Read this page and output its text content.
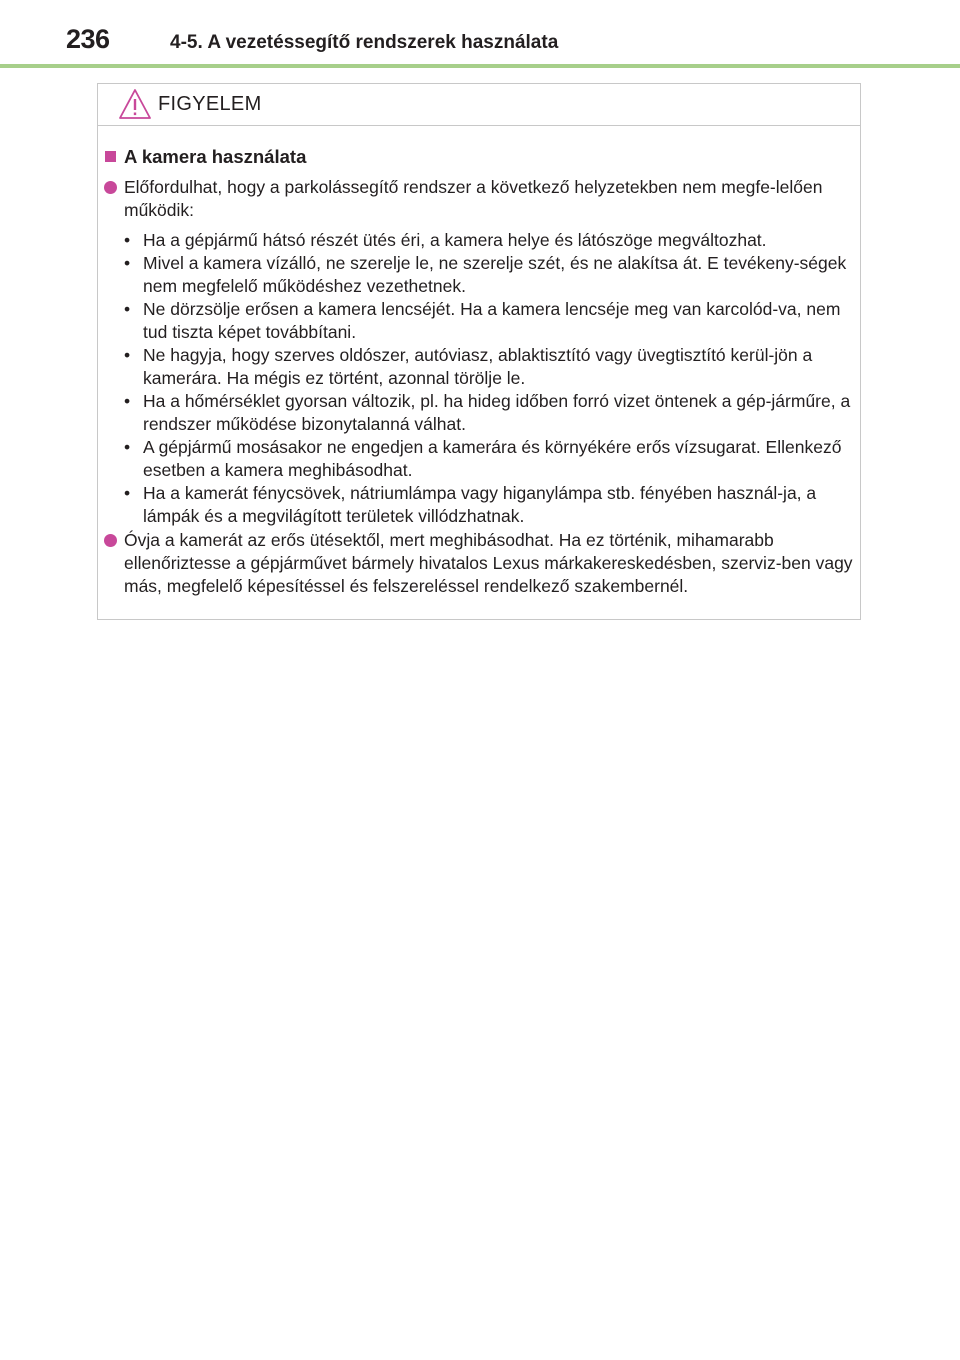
236	4-5. A vezetéssegítő rendszerek használata
FIGYELEM
A kamera használata
Előfordulhat, hogy a parkolássegítő rendszer a következő helyzetekben nem megfe-lelően működik:
• Ha a gépjármű hátsó részét ütés éri, a kamera helye és látószöge megváltozhat.
• Mivel a kamera vízálló, ne szerelje le, ne szerelje szét, és ne alakítsa át. E tevékeny-ségek nem megfelelő működéshez vezethetnek.
• Ne dörzsölje erősen a kamera lencséjét. Ha a kamera lencséje meg van karcolód-va, nem tud tiszta képet továbbítani.
• Ne hagyja, hogy szerves oldószer, autóviasz, ablaktisztító vagy üvegtisztító kerül-jön a kamerára. Ha mégis ez történt, azonnal törölje le.
• Ha a hőmérséklet gyorsan változik, pl. ha hideg időben forró vizet öntenek a gép-járműre, a rendszer működése bizonytalanná válhat.
• A gépjármű mosásakor ne engedjen a kamerára és környékére erős vízsugarat. Ellenkező esetben a kamera meghibásodhat.
• Ha a kamerát fénycsövek, nátriumlámpa vagy higanylámpa stb. fényében használ-ja, a lámpák és a megvilágított területek villódzhatnak.
Óvja a kamerát az erős ütésektől, mert meghibásodhat. Ha ez történik, mihamarabb ellenőriztesse a gépjárművet bármely hivatalos Lexus márkakereskedésben, szerviz-ben vagy más, megfelelő képesítéssel és felszereléssel rendelkező szakembernél.
